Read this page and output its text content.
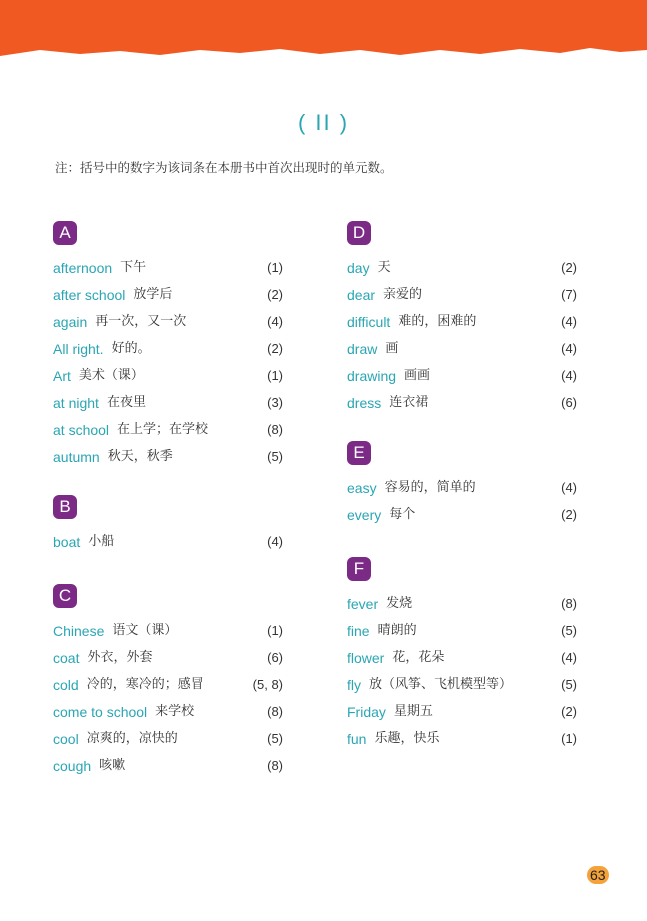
( II )
注：括号中的数字为该词条在本册书中首次出现时的单元数。
A
afternoon 下午	(1)
after school 放学后	(2)
again 再一次，又一次	(4)
All right. 好的。	(2)
Art 美术（课）	(1)
at night 在夜里	(3)
at school 在上学；在学校	(8)
autumn 秋天，秋季	(5)
B
boat 小船	(4)
C
Chinese 语文（课）	(1)
coat 外衣，外套	(6)
cold 冷的，寒冷的；感冒	(5, 8)
come to school 来学校	(8)
cool 凉爽的，凉快的	(5)
cough 咳嗽	(8)
D
day 天	(2)
dear 亲爱的	(7)
difficult 难的，困难的	(4)
draw 画	(4)
drawing 画画	(4)
dress 连衣裙	(6)
E
easy 容易的，简单的	(4)
every 每个	(2)
F
fever 发烧	(8)
fine 晴朗的	(5)
flower 花，花朵	(4)
fly 放（风筝、飞机模型等）	(5)
Friday 星期五	(2)
fun 乐趣，快乐	(1)
63
